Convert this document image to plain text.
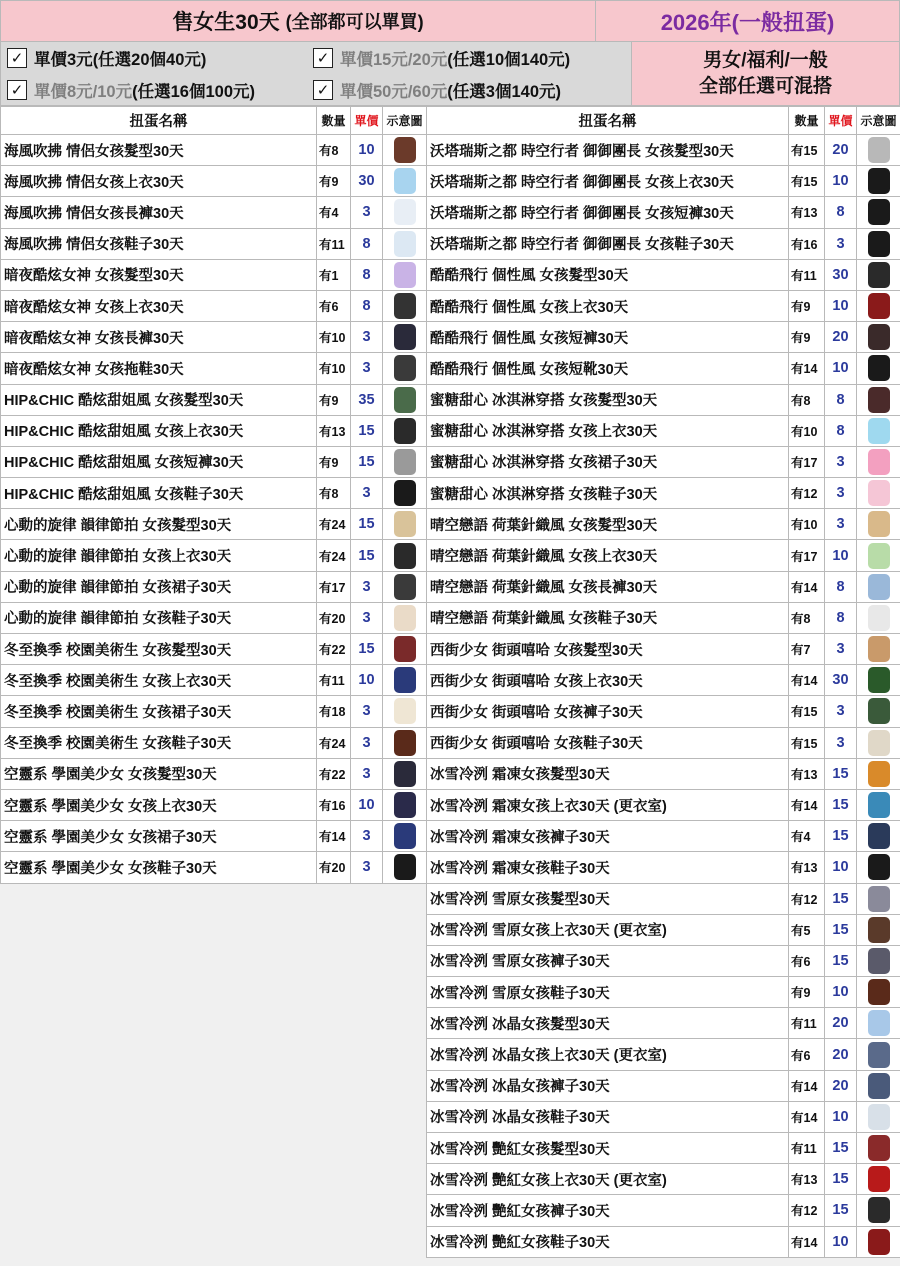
售女生30天 (全部都可以單買)	2026年(一般扭蛋)
✓ 單價3元 (任選20個40元)	✓ 單價15元/20元 (任選10個140元)
✓ 單價8元/10元 (任選16個100元)	✓ 單價50元/60元 (任選3個140元)
男女/福利/一般
全部任選可混搭
扭蛋名稱	數量	單價	示意圖
海風吹拂 情侶女孩髮型30天	有8	10	
海風吹拂 情侶女孩上衣30天	有9	30	
海風吹拂 情侶女孩長褲30天	有4	3	
海風吹拂 情侶女孩鞋子30天	有11	8	
暗夜酷炫女神 女孩髮型30天	有1	8	
暗夜酷炫女神 女孩上衣30天	有6	8	
暗夜酷炫女神 女孩長褲30天	有10	3	
暗夜酷炫女神 女孩拖鞋30天	有10	3	
HIP&CHIC 酷炫甜姐風 女孩髮型30天	有9	35	
HIP&CHIC 酷炫甜姐風 女孩上衣30天	有13	15	
HIP&CHIC 酷炫甜姐風 女孩短褲30天	有9	15	
HIP&CHIC 酷炫甜姐風 女孩鞋子30天	有8	3	
心動的旋律 韻律節拍 女孩髮型30天	有24	15	
心動的旋律 韻律節拍 女孩上衣30天	有24	15	
心動的旋律 韻律節拍 女孩裙子30天	有17	3	
心動的旋律 韻律節拍 女孩鞋子30天	有20	3	
冬至換季 校園美術生 女孩髮型30天	有22	15	
冬至換季 校園美術生 女孩上衣30天	有11	10	
冬至換季 校園美術生 女孩裙子30天	有18	3	
冬至換季 校園美術生 女孩鞋子30天	有24	3	
空靈系 學園美少女 女孩髮型30天	有22	3	
空靈系 學園美少女 女孩上衣30天	有16	10	
空靈系 學園美少女 女孩裙子30天	有14	3	
空靈系 學園美少女 女孩鞋子30天	有20	3	
扭蛋名稱	數量	單價	示意圖
沃塔瑞斯之都 時空行者 御御團長 女孩髮型30天	有15	20	
沃塔瑞斯之都 時空行者 御御團長 女孩上衣30天	有15	10	
沃塔瑞斯之都 時空行者 御御團長 女孩短褲30天	有13	8	
沃塔瑞斯之都 時空行者 御御團長 女孩鞋子30天	有16	3	
酷酷飛行 個性風 女孩髮型30天	有11	30	
酷酷飛行 個性風 女孩上衣30天	有9	10	
酷酷飛行 個性風 女孩短褲30天	有9	20	
酷酷飛行 個性風 女孩短靴30天	有14	10	
蜜糖甜心 冰淇淋穿搭 女孩髮型30天	有8	8	
蜜糖甜心 冰淇淋穿搭 女孩上衣30天	有10	8	
蜜糖甜心 冰淇淋穿搭 女孩裙子30天	有17	3	
蜜糖甜心 冰淇淋穿搭 女孩鞋子30天	有12	3	
晴空戀語 荷葉針織風 女孩髮型30天	有10	3	
晴空戀語 荷葉針織風 女孩上衣30天	有17	10	
晴空戀語 荷葉針織風 女孩長褲30天	有14	8	
晴空戀語 荷葉針織風 女孩鞋子30天	有8	8	
西街少女 街頭嘻哈 女孩髮型30天	有7	3	
西街少女 街頭嘻哈 女孩上衣30天	有14	30	
西街少女 街頭嘻哈 女孩褲子30天	有15	3	
西街少女 街頭嘻哈 女孩鞋子30天	有15	3	
冰雪冷洌 霜凍女孩髮型30天	有13	15	
冰雪冷洌 霜凍女孩上衣30天 (更衣室)	有14	15	
冰雪冷洌 霜凍女孩褲子30天	有4	15	
冰雪冷洌 霜凍女孩鞋子30天	有13	10	
冰雪冷洌 雪原女孩髮型30天	有12	15	
冰雪冷洌 雪原女孩上衣30天 (更衣室)	有5	15	
冰雪冷洌 雪原女孩褲子30天	有6	15	
冰雪冷洌 雪原女孩鞋子30天	有9	10	
冰雪冷洌 冰晶女孩髮型30天	有11	20	
冰雪冷洌 冰晶女孩上衣30天 (更衣室)	有6	20	
冰雪冷洌 冰晶女孩褲子30天	有14	20	
冰雪冷洌 冰晶女孩鞋子30天	有14	10	
冰雪冷洌 艷紅女孩髮型30天	有11	15	
冰雪冷洌 艷紅女孩上衣30天 (更衣室)	有13	15	
冰雪冷洌 艷紅女孩褲子30天	有12	15	
冰雪冷洌 艷紅女孩鞋子30天	有14	10	
